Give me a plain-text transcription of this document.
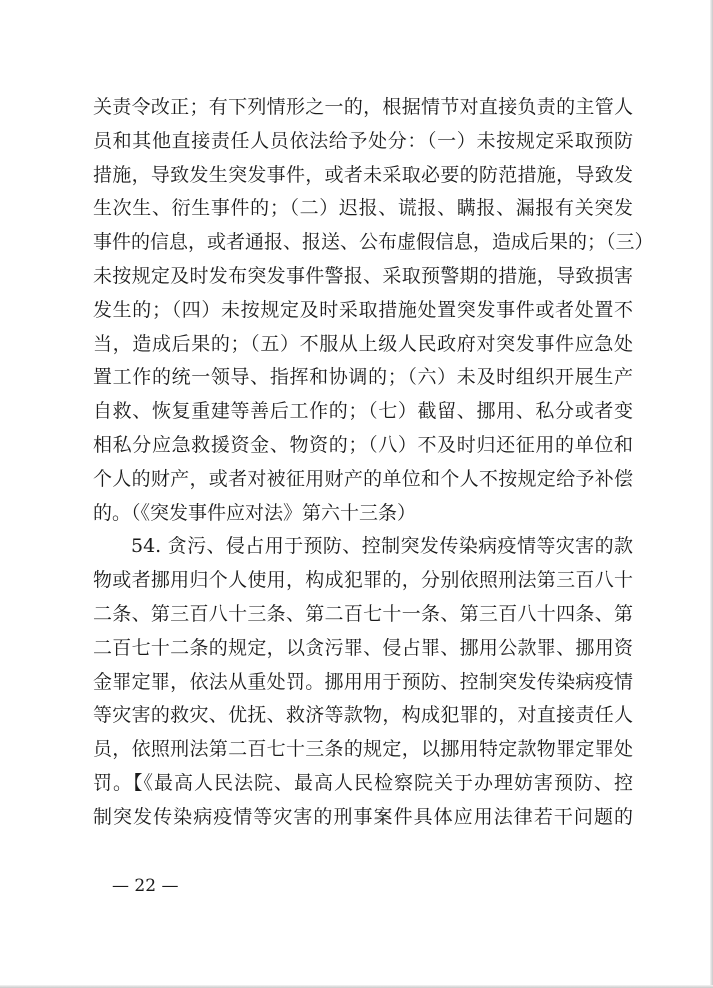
关责令改正；有下列情形之一的，根据情节对直接负责的主管人
员和其他直接责任人员依法给予处分：（一）未按规定采取预防
措施，导致发生突发事件，或者未采取必要的防范措施，导致发
生次生、衍生事件的；（二）迟报、谎报、瞒报、漏报有关突发
事件的信息，或者通报、报送、公布虚假信息，造成后果的；（三）
未按规定及时发布突发事件警报、采取预警期的措施，导致损害
发生的；（四）未按规定及时采取措施处置突发事件或者处置不
当，造成后果的；（五）不服从上级人民政府对突发事件应急处
置工作的统一领导、指挥和协调的；（六）未及时组织开展生产
自救、恢复重建等善后工作的；（七）截留、挪用、私分或者变
相私分应急救援资金、物资的；（八）不及时归还征用的单位和
个人的财产，或者对被征用财产的单位和个人不按规定给予补偿
的。（《突发事件应对法》第六十三条）
54. 贪污、侵占用于预防、控制突发传染病疫情等灾害的款
物或者挪用归个人使用，构成犯罪的，分别依照刑法第三百八十
二条、第三百八十三条、第二百七十一条、第三百八十四条、第
二百七十二条的规定，以贪污罪、侵占罪、挪用公款罪、挪用资
金罪定罪，依法从重处罚。挪用用于预防、控制突发传染病疫情
等灾害的救灾、优抚、救济等款物，构成犯罪的，对直接责任人
员，依照刑法第二百七十三条的规定，以挪用特定款物罪定罪处
罚。【《最高人民法院、最高人民检察院关于办理妨害预防、控
制突发传染病疫情等灾害的刑事案件具体应用法律若干问题的
— 22 —
